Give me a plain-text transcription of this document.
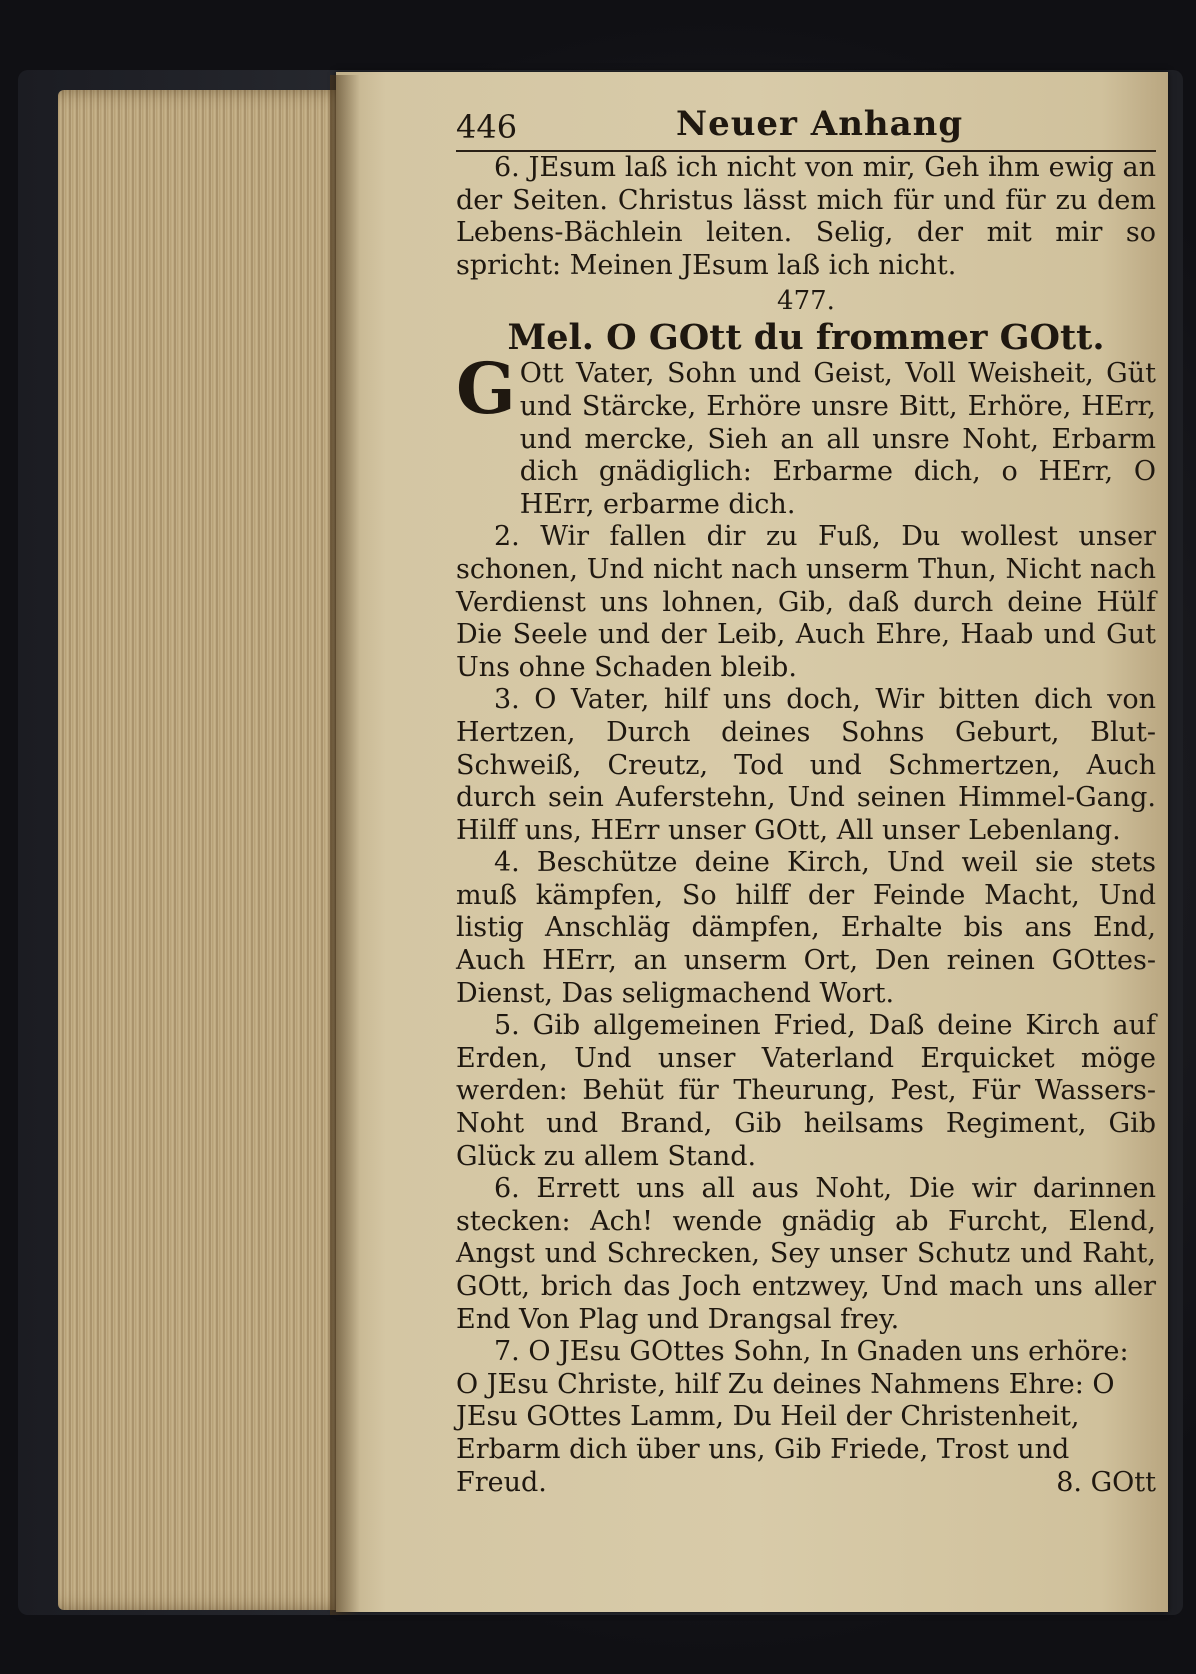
446	Neuer Anhang

6. JEsum laß ich nicht von mir, Geh ihm ewig an der Seiten. Christus lässt mich für und für zu dem Lebens-Bächlein leiten. Selig, der mit mir so spricht: Meinen JEsum laß ich nicht.

477.
Mel. O GOtt du frommer GOtt.
G Ott Vater, Sohn und Geist, Voll Weisheit, Güt und Stärcke, Erhöre unsre Bitt, Erhöre, HErr, und mercke, Sieh an all unsre Noht, Erbarm dich gnädiglich: Erbarme dich, o HErr, O HErr, erbarme dich.

2. Wir fallen dir zu Fuß, Du wollest unser schonen, Und nicht nach unserm Thun, Nicht nach Verdienst uns lohnen, Gib, daß durch deine Hülf Die Seele und der Leib, Auch Ehre, Haab und Gut Uns ohne Schaden bleib.

3. O Vater, hilf uns doch, Wir bitten dich von Hertzen, Durch deines Sohns Geburt, Blut-Schweiß, Creutz, Tod und Schmertzen, Auch durch sein Auferstehn, Und seinen Himmel-Gang. Hilff uns, HErr unser GOtt, All unser Lebenlang.

4. Beschütze deine Kirch, Und weil sie stets muß kämpfen, So hilff der Feinde Macht, Und listig Anschläg dämpfen, Erhalte bis ans End, Auch HErr, an unserm Ort, Den reinen GOttes-Dienst, Das seligmachend Wort.

5. Gib allgemeinen Fried, Daß deine Kirch auf Erden, Und unser Vaterland Erquicket möge werden: Behüt für Theurung, Pest, Für Wassers-Noht und Brand, Gib heilsams Regiment, Gib Glück zu allem Stand.

6. Errett uns all aus Noht, Die wir darinnen stecken: Ach! wende gnädig ab Furcht, Elend, Angst und Schrecken, Sey unser Schutz und Raht, GOtt, brich das Joch entzwey, Und mach uns aller End Von Plag und Drangsal frey.

7. O JEsu GOttes Sohn, In Gnaden uns erhöre: O JEsu Christe, hilf Zu deines Nahmens Ehre: O JEsu GOttes Lamm, Du Heil der Christenheit, Erbarm dich über uns, Gib Friede, Trost und Freud.	8. GOtt
